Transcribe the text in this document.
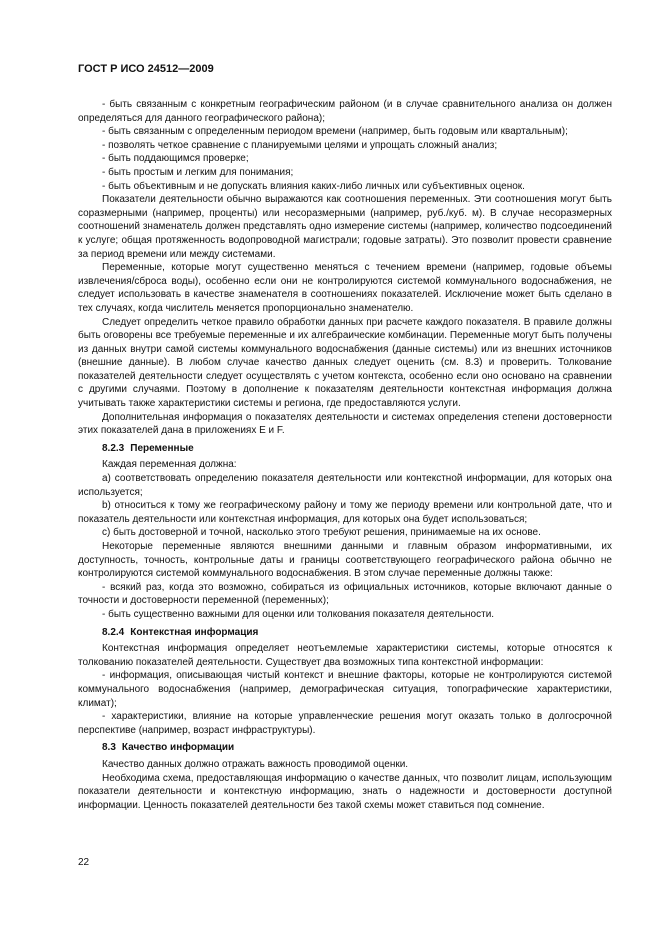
ГОСТ Р ИСО 24512—2009

- быть связанным с конкретным географическим районом (и в случае сравнительного анализа он должен определяться для данного географического района);

- быть связанным с определенным периодом времени (например, быть годовым или квартальным);

- позволять четкое сравнение с планируемыми целями и упрощать сложный анализ;

- быть поддающимся проверке;

- быть простым и легким для понимания;

- быть объективным и не допускать влияния каких-либо личных или субъективных оценок.

Показатели деятельности обычно выражаются как соотношения переменных. Эти соотношения могут быть соразмерными (например, проценты) или несоразмерными (например, руб./куб. м). В случае несоразмерных соотношений знаменатель должен представлять одно измерение системы (например, количество подсоединений к услуге; общая протяженность водопроводной магистрали; годовые затраты). Это позволит провести сравнение за период времени или между системами.

Переменные, которые могут существенно меняться с течением времени (например, годовые объемы извлечения/сброса воды), особенно если они не контролируются системой коммунального водоснабжения, не следует использовать в качестве знаменателя в соотношениях показателей. Исключение может быть сделано в тех случаях, когда числитель меняется пропорционально знаменателю.

Следует определить четкое правило обработки данных при расчете каждого показателя. В правиле должны быть оговорены все требуемые переменные и их алгебраические комбинации. Переменные могут быть получены из данных внутри самой системы коммунального водоснабжения (данные системы) или из внешних источников (внешние данные). В любом случае качество данных следует оценить (см. 8.3) и проверить. Толкование показателей деятельности следует осуществлять с учетом контекста, особенно если оно основано на сравнении с другими случаями. Поэтому в дополнение к показателям деятельности контекстная информация должна учитывать также характеристики системы и региона, где предоставляются услуги.

Дополнительная информация о показателях деятельности и системах определения степени достоверности этих показателей дана в приложениях E и F.

8.2.3 Переменные

Каждая переменная должна:

а) соответствовать определению показателя деятельности или контекстной информации, для которых она используется;

b) относиться к тому же географическому району и тому же периоду времени или контрольной дате, что и показатель деятельности или контекстная информация, для которых она будет использоваться;

c) быть достоверной и точной, насколько этого требуют решения, принимаемые на их основе.

Некоторые переменные являются внешними данными и главным образом информативными, их доступность, точность, контрольные даты и границы соответствующего географического района обычно не контролируются системой коммунального водоснабжения. В этом случае переменные должны также:

- всякий раз, когда это возможно, собираться из официальных источников, которые включают данные о точности и достоверности переменной (переменных);

- быть существенно важными для оценки или толкования показателя деятельности.

8.2.4 Контекстная информация

Контекстная информация определяет неотъемлемые характеристики системы, которые относятся к толкованию показателей деятельности. Существует два возможных типа контекстной информации:

- информация, описывающая чистый контекст и внешние факторы, которые не контролируются системой коммунального водоснабжения (например, демографическая ситуация, топографические характеристики, климат);

- характеристики, влияние на которые управленческие решения могут оказать только в долгосрочной перспективе (например, возраст инфраструктуры).

8.3 Качество информации

Качество данных должно отражать важность проводимой оценки.

Необходима схема, предоставляющая информацию о качестве данных, что позволит лицам, использующим показатели деятельности и контекстную информацию, знать о надежности и достоверности доступной информации. Ценность показателей деятельности без такой схемы может ставиться под сомнение.

22
